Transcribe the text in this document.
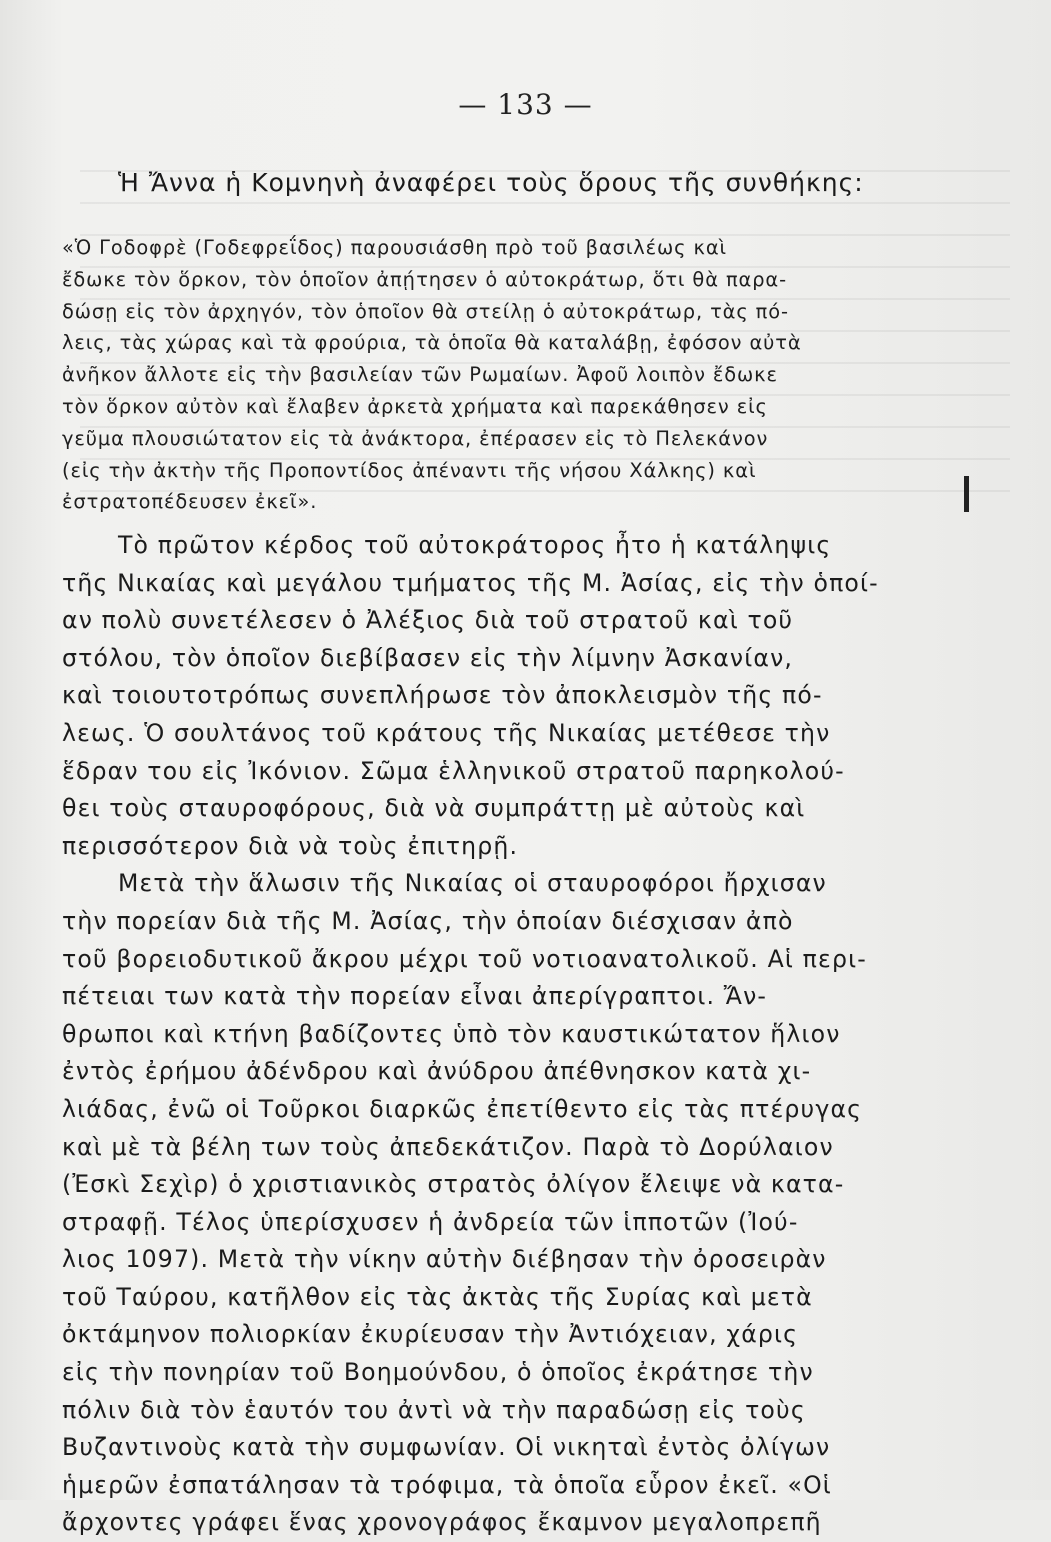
— 133 —
Ἡ Ἄννα ἡ Κομνηνὴ ἀναφέρει τοὺς ὅρους τῆς συνθήκης:
«Ὁ Γοδοφρὲ (Γοδεφρεΐδος) παρουσιάσθη πρὸ τοῦ βασιλέως καὶ
ἔδωκε τὸν ὅρκον, τὸν ὁποῖον ἀπῄτησεν ὁ αὐτοκράτωρ, ὅτι θὰ παρα-
δώσῃ εἰς τὸν ἀρχηγόν, τὸν ὁποῖον θὰ στείλῃ ὁ αὐτοκράτωρ, τὰς πό-
λεις, τὰς χώρας καὶ τὰ φρούρια, τὰ ὁποῖα θὰ καταλάβῃ, ἐφόσον αὐτὰ
ἀνῆκον ἄλλοτε εἰς τὴν βασιλείαν τῶν Ρωμαίων. Ἀφοῦ λοιπὸν ἔδωκε
τὸν ὅρκον αὐτὸν καὶ ἔλαβεν ἀρκετὰ χρήματα καὶ παρεκάθησεν εἰς
γεῦμα πλουσιώτατον εἰς τὰ ἀνάκτορα, ἐπέρασεν εἰς τὸ Πελεκάνον
(εἰς τὴν ἀκτὴν τῆς Προποντίδος ἀπέναντι τῆς νήσου Χάλκης) καὶ
ἐστρατοπέδευσεν ἐκεῖ».
Τὸ πρῶτον κέρδος τοῦ αὐτοκράτορος ἦτο ἡ κατάληψις
τῆς Νικαίας καὶ μεγάλου τμήματος τῆς Μ. Ἀσίας, εἰς τὴν ὁποί-
αν πολὺ συνετέλεσεν ὁ Ἀλέξιος διὰ τοῦ στρατοῦ καὶ τοῦ
στόλου, τὸν ὁποῖον διεβίβασεν εἰς τὴν λίμνην Ἀσκανίαν,
καὶ τοιουτοτρόπως συνεπλήρωσε τὸν ἀποκλεισμὸν τῆς πό-
λεως. Ὁ σουλτάνος τοῦ κράτους τῆς Νικαίας μετέθεσε τὴν
ἕδραν του εἰς Ἰκόνιον. Σῶμα ἑλληνικοῦ στρατοῦ παρηκολού-
θει τοὺς σταυροφόρους, διὰ νὰ συμπράττῃ μὲ αὐτοὺς καὶ
περισσότερον διὰ νὰ τοὺς ἐπιτηρῇ.
Μετὰ τὴν ἅλωσιν τῆς Νικαίας οἱ σταυροφόροι ἤρχισαν
τὴν πορείαν διὰ τῆς Μ. Ἀσίας, τὴν ὁποίαν διέσχισαν ἀπὸ
τοῦ βορειοδυτικοῦ ἄκρου μέχρι τοῦ νοτιοανατολικοῦ. Αἱ περι-
πέτειαι των κατὰ τὴν πορείαν εἶναι ἀπερίγραπτοι. Ἄν-
θρωποι καὶ κτήνη βαδίζοντες ὑπὸ τὸν καυστικώτατον ἥλιον
ἐντὸς ἐρήμου ἀδένδρου καὶ ἀνύδρου ἀπέθνησκον κατὰ χι-
λιάδας, ἐνῶ οἱ Τοῦρκοι διαρκῶς ἐπετίθεντο εἰς τὰς πτέρυγας
καὶ μὲ τὰ βέλη των τοὺς ἀπεδεκάτιζον. Παρὰ τὸ Δορύλαιον
(Ἐσκὶ Σεχὶρ) ὁ χριστιανικὸς στρατὸς ὀλίγον ἔλειψε νὰ κατα-
στραφῇ. Τέλος ὑπερίσχυσεν ἡ ἀνδρεία τῶν ἱπποτῶν (Ἰού-
λιος 1097). Μετὰ τὴν νίκην αὐτὴν διέβησαν τὴν ὀροσειρὰν
τοῦ Ταύρου, κατῆλθον εἰς τὰς ἀκτὰς τῆς Συρίας καὶ μετὰ
ὀκτάμηνον πολιορκίαν ἐκυρίευσαν τὴν Ἀντιόχειαν, χάρις
εἰς τὴν πονηρίαν τοῦ Βοημούνδου, ὁ ὁποῖος ἐκράτησε τὴν
πόλιν διὰ τὸν ἑαυτόν του ἀντὶ νὰ τὴν παραδώσῃ εἰς τοὺς
Βυζαντινοὺς κατὰ τὴν συμφωνίαν. Οἱ νικηταὶ ἐντὸς ὀλίγων
ἡμερῶν ἐσπατάλησαν τὰ τρόφιμα, τὰ ὁποῖα εὗρον ἐκεῖ. «Οἱ
ἄρχοντες γράφει ἕνας χρονογράφος ἔκαμνον μεγαλοπρεπῆ
